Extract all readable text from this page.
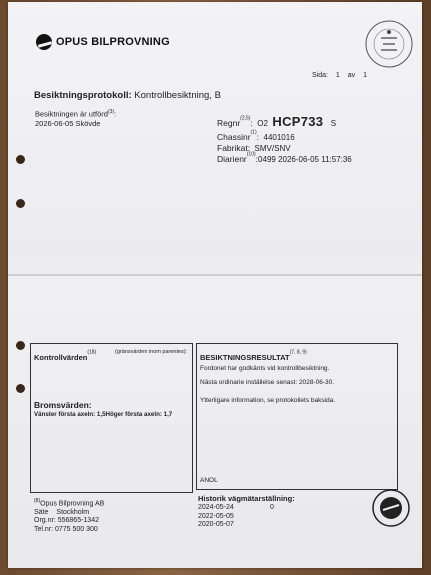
OPUS BILPROVNING
Sida: 1 av 1
Besiktningsprotokoll: Kontrollbesiktning, B
Besiktningen är utförd$^{(3)}$:
2026-06-05 Skövde	Regnr$^{(2,5)}$: O2 HCP733 S
Chassinr$^{(1)}$: 4401016
Fabrikat: SMV/SNV
Diarienr$^{(10)}$:0499 2026-06-05 11:57:36
Kontrollvärden$^{(18)}$	(gränsvärden inom parentes):
Bromsvärden:
Vänster första axeln: 1,5Höger första axeln: 1,7
BESIKTNINGSRESULTAT$^{(7, 8, 9)}$
Fordonet har godkänts vid kontrollbesiktning.
Nästa ordinarie inställelse senast: 2028-06-30.
Ytterligare information, se protokollets baksida.
ANOL
$^{(8)}$Opus Bilprovning AB
Säte Stockholm
Org.nr: 556865-1342
Tel.nr: 0775 500 300
Historik vägmätarställning:
2024-05-24	0
2022-05-05
2020-05-07
